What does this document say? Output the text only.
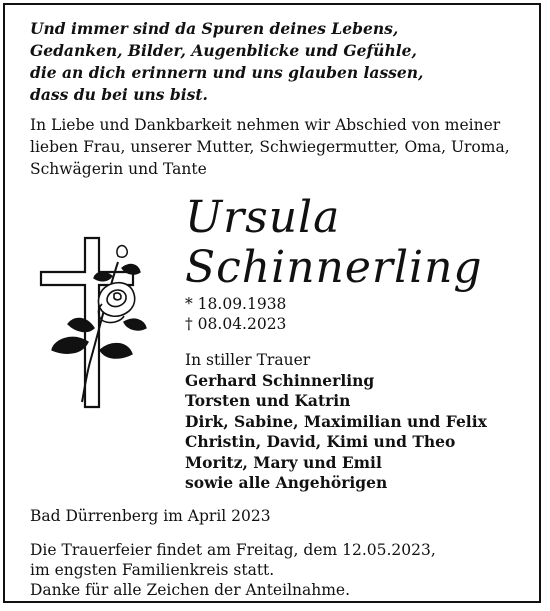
Und immer sind da Spuren deines Lebens,
Gedanken, Bilder, Augenblicke und Gefühle,
die an dich erinnern und uns glauben lassen,
dass du bei uns bist.
In Liebe und Dankbarkeit nehmen wir Abschied von meiner
lieben Frau, unserer Mutter, Schwiegermutter, Oma, Uroma,
Schwägerin und Tante
Ursula
Schinnerling
* 18.09.1938
† 08.04.2023
In stiller Trauer
Gerhard Schinnerling
Torsten und Katrin
Dirk, Sabine, Maximilian und Felix
Christin, David, Kimi und Theo
Moritz, Mary und Emil
sowie alle Angehörigen
Bad Dürrenberg im April 2023
Die Trauerfeier findet am Freitag, dem 12.05.2023,
im engsten Familienkreis statt.
Danke für alle Zeichen der Anteilnahme.
